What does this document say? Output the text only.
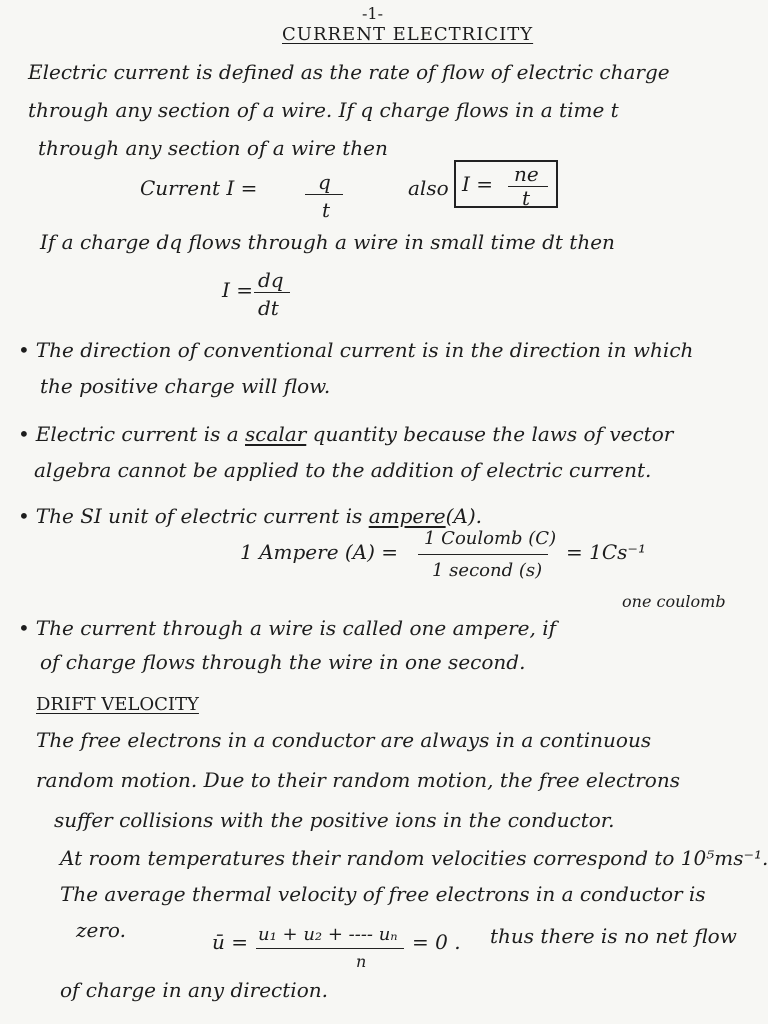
-1-
CURRENT ELECTRICITY
Electric current is defined as the rate of flow of electric charge
through any section of a wire. If q charge flows in a time t
through any section of a wire then
Current I =	q
t
also I = ne
t
If a charge dq flows through a wire in small time dt then
I = dq
dt
• The direction of conventional current is in the direction in which
the positive charge will flow.
• Electric current is a scalar quantity because the laws of vector
algebra cannot be applied to the addition of electric current.
• The SI unit of electric current is ampere(A).
1 Ampere (A) =
1 Coulomb (C)
1 second (s)
= 1Cs⁻¹
• The current through a wire is called one ampere, if
one coulomb
of charge flows through the wire in one second.
DRIFT VELOCITY
The free electrons in a conductor are always in a continuous
random motion. Due to their random motion, the free electrons
suffer collisions with the positive ions in the conductor.
At room temperatures their random velocities correspond to 10⁵ms⁻¹.
The average thermal velocity of free electrons in a conductor is
zero.	ū = u₁ + u₂ + ---- uₙ
n
= 0 . thus there is no net flow
of charge in any direction.
